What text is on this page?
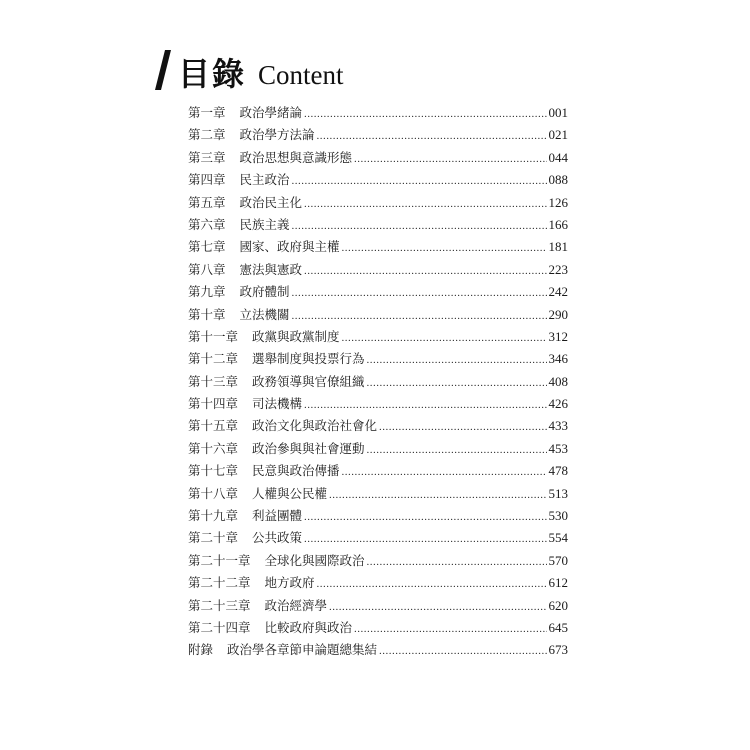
目錄 Content
第一章 政治學緒論 .....	001
第二章 政治學方法論 .....	021
第三章 政治思想與意識形態 .....	044
第四章 民主政治 .....	088
第五章 政治民主化 .....	126
第六章 民族主義 .....	166
第七章 國家、政府與主權 .....	181
第八章 憲法與憲政 .....	223
第九章 政府體制 .....	242
第十章 立法機關 .....	290
第十一章 政黨與政黨制度 .....	312
第十二章 選舉制度與投票行為 .....	346
第十三章 政務領導與官僚組織 .....	408
第十四章 司法機構 .....	426
第十五章 政治文化與政治社會化 .....	433
第十六章 政治參與與社會運動 .....	453
第十七章 民意與政治傳播 .....	478
第十八章 人權與公民權 .....	513
第十九章 利益團體 .....	530
第二十章 公共政策 .....	554
第二十一章 全球化與國際政治 .....	570
第二十二章 地方政府 .....	612
第二十三章 政治經濟學 .....	620
第二十四章 比較政府與政治 .....	645
附錄 政治學各章節申論題總集結 .....	673
